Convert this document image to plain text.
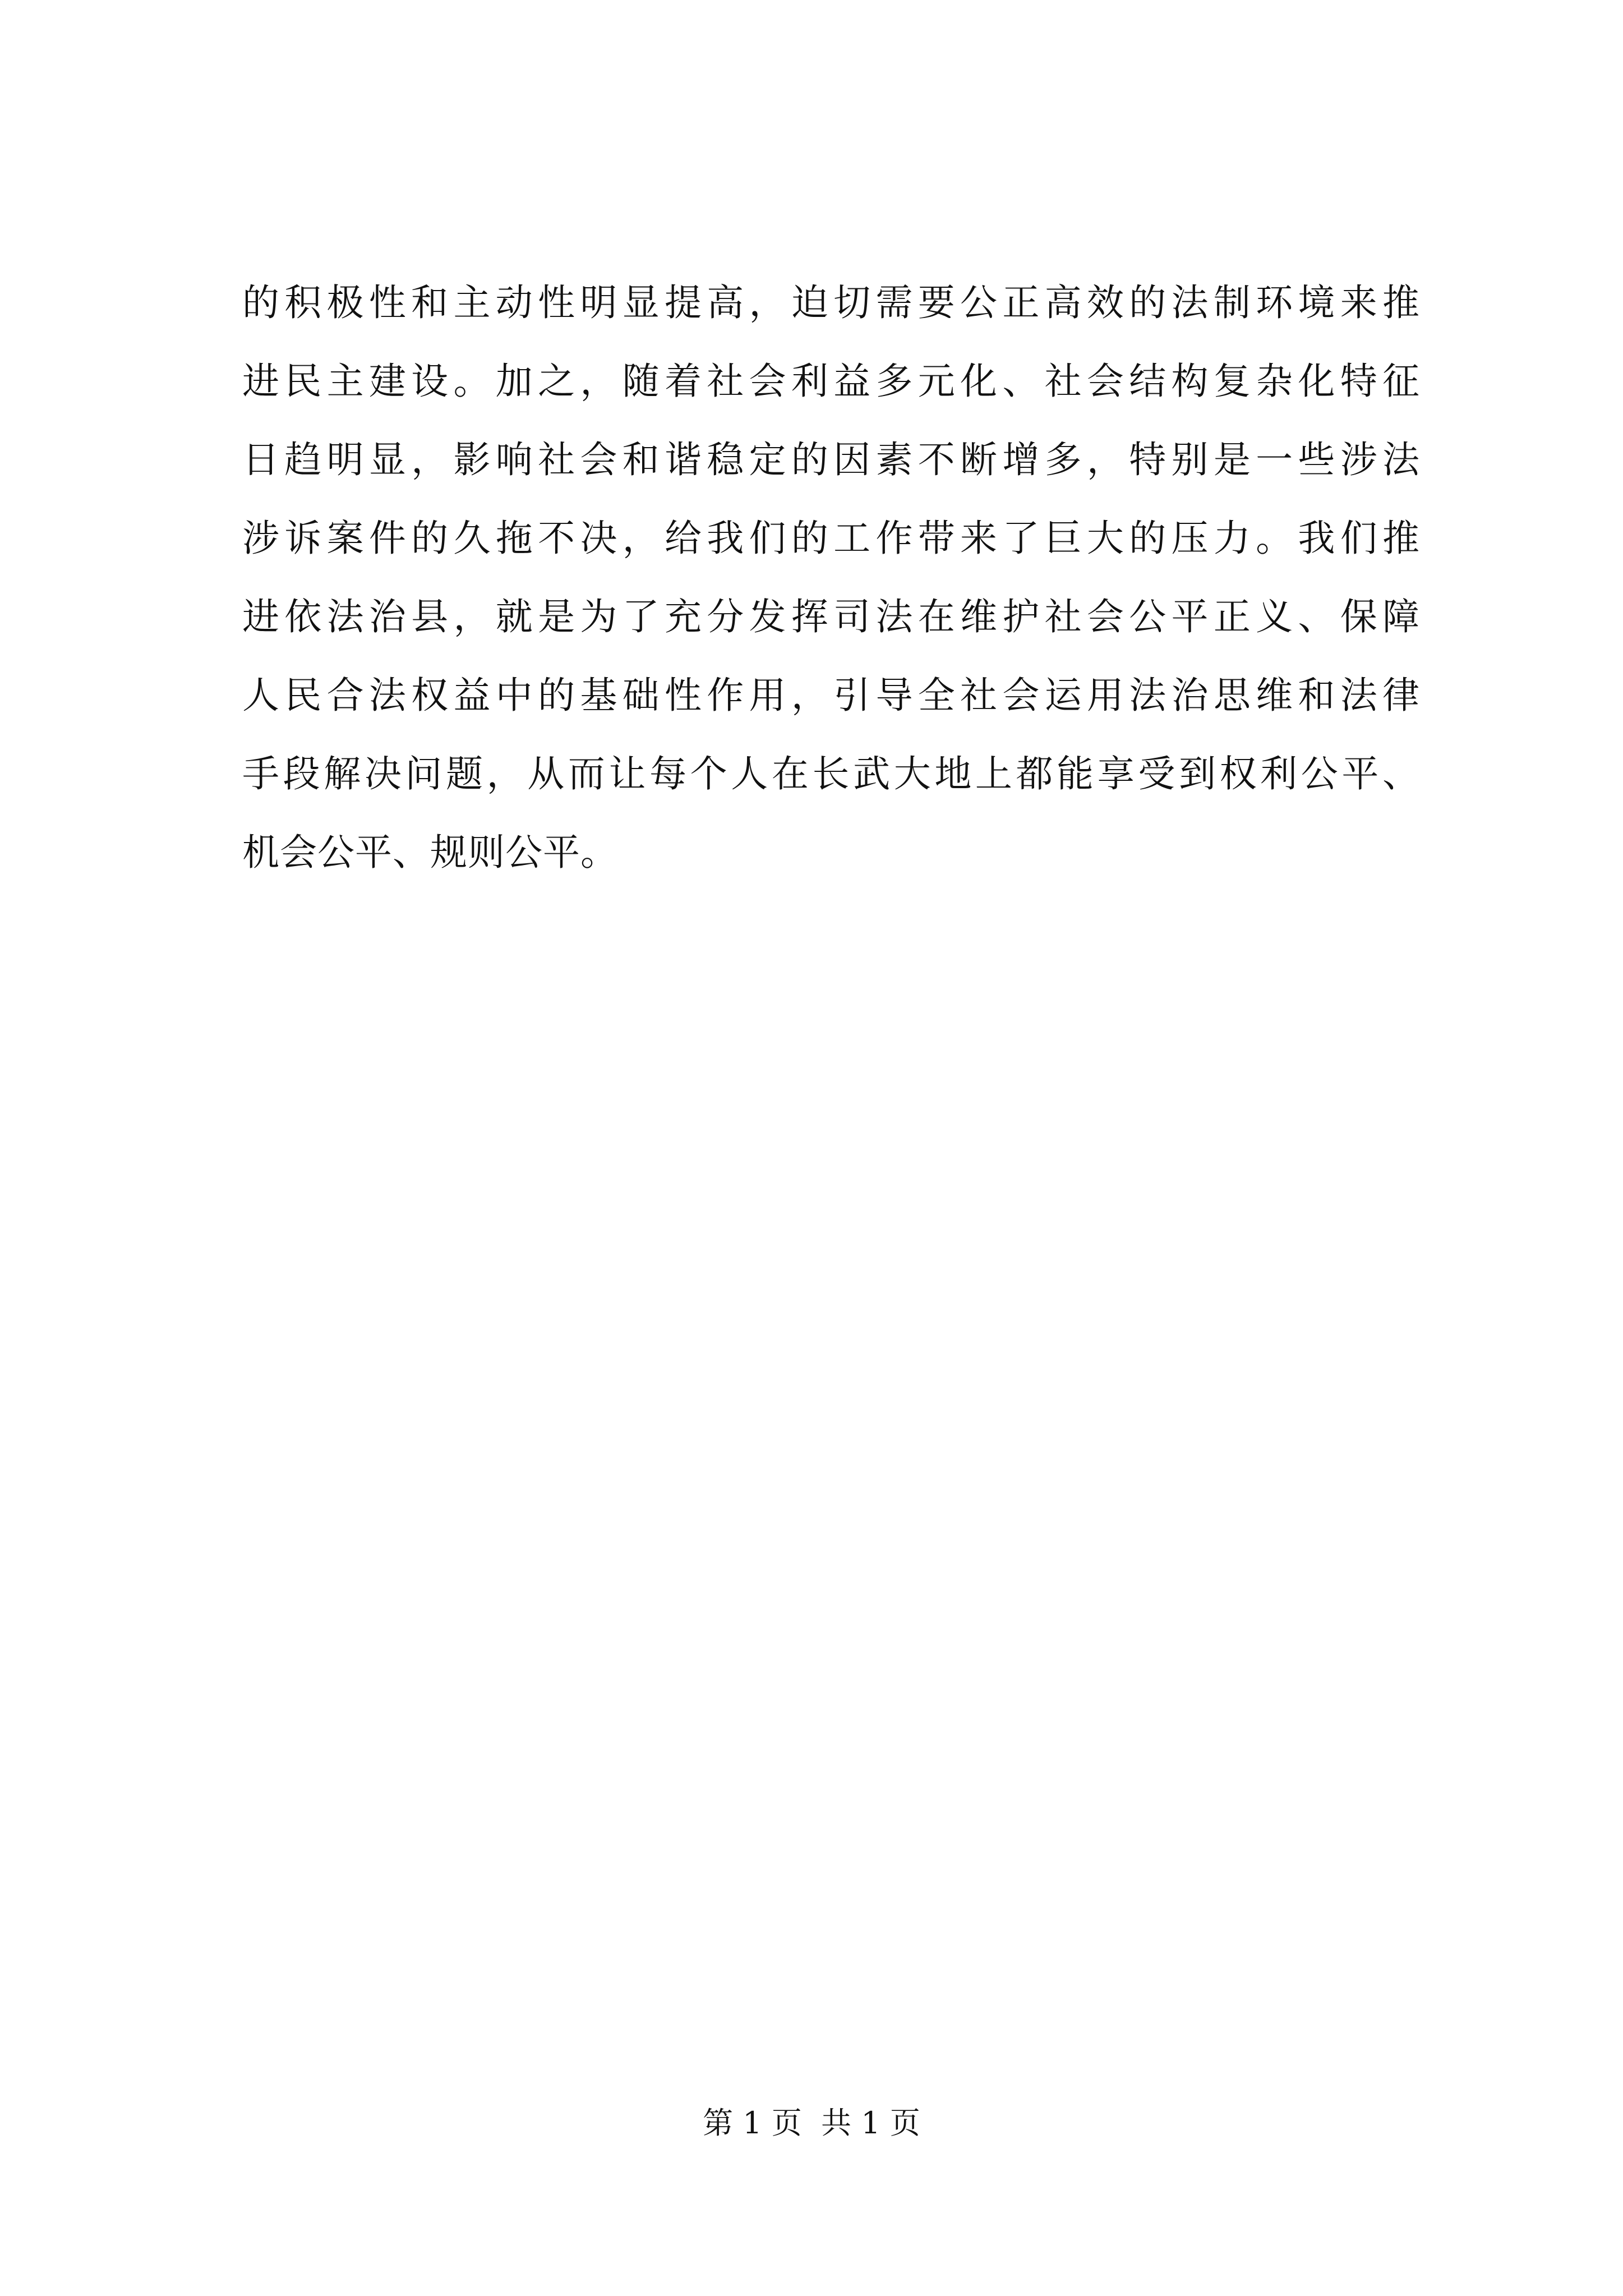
的积极性和主动性明显提高，迫切需要公正高效的法制环境来推
进民主建设。加之，随着社会利益多元化、社会结构复杂化特征
日趋明显，影响社会和谐稳定的因素不断增多，特别是一些涉法
涉诉案件的久拖不决，给我们的工作带来了巨大的压力。我们推
进依法治县，就是为了充分发挥司法在维护社会公平正义、保障
人民合法权益中的基础性作用，引导全社会运用法治思维和法律
手段解决问题，从而让每个人在长武大地上都能享受到权利公平、
机会公平、规则公平。
第 1 页  共 1 页
